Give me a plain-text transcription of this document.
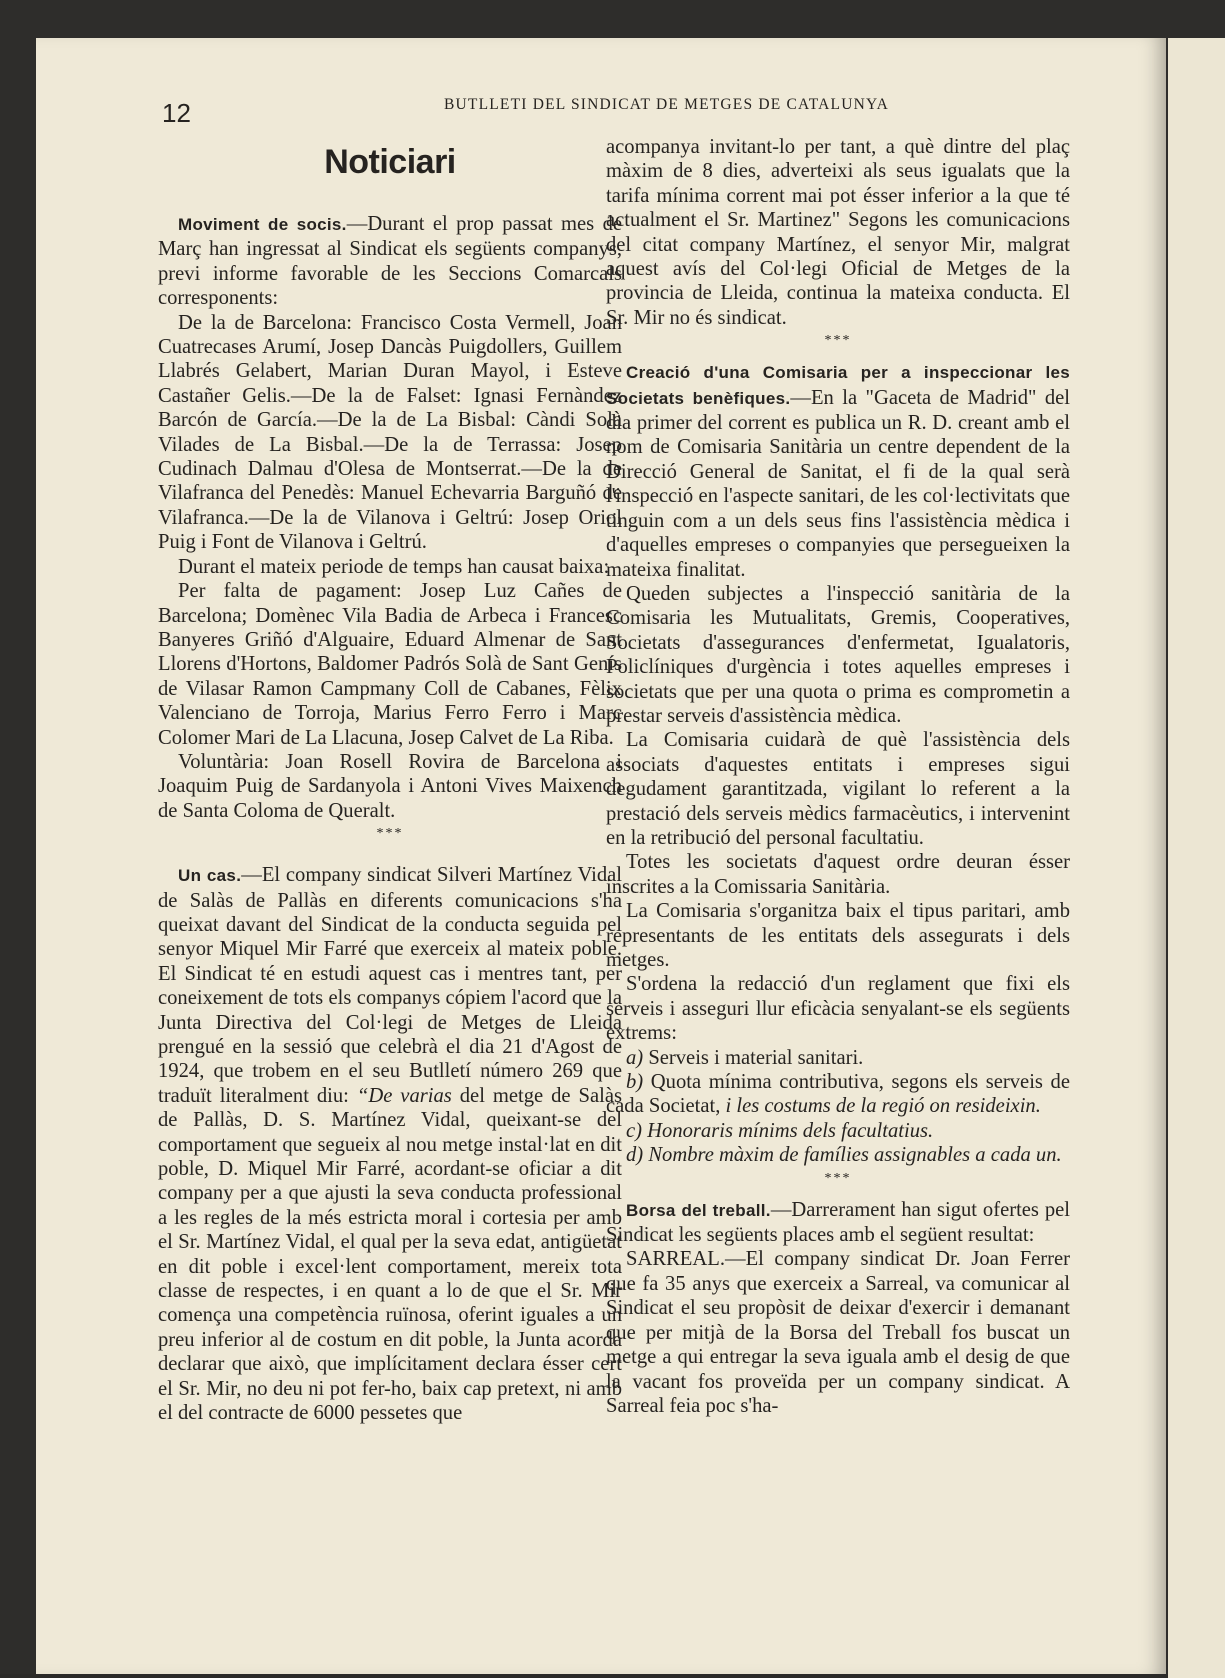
12	BUTLLETI DEL SINDICAT DE METGES DE CATALUNYA
Noticiari

Moviment de socis.—Durant el prop passat mes de Març han ingressat al Sindicat els següents companys, previ informe favorable de les Seccions Comarcals corresponents:

De la de Barcelona: Francisco Costa Vermell, Joan Cuatrecases Arumí, Josep Dancàs Puigdollers, Guillem Llabrés Gelabert, Marian Duran Mayol, i Esteve Castañer Gelis.—De la de Falset: Ignasi Fernàndez Barcón de García.—De la de La Bisbal: Càndi Solà Vilades de La Bisbal.—De la de Terrassa: Josep Cudinach Dalmau d'Olesa de Montserrat.—De la de Vilafranca del Penedès: Manuel Echevarria Barguñó de Vilafranca.—De la de Vilanova i Geltrú: Josep Oriol Puig i Font de Vilanova i Geltrú.

Durant el mateix periode de temps han causat baixa:

Per falta de pagament: Josep Luz Cañes de Barcelona; Domènec Vila Badia de Arbeca i Francesc Banyeres Griñó d'Alguaire, Eduard Almenar de Sant Llorens d'Hortons, Baldomer Padrós Solà de Sant Genís de Vilasar Ramon Campmany Coll de Cabanes, Fèlix Valenciano de Torroja, Marius Ferro Ferro i Marc Colomer Mari de La Llacuna, Josep Calvet de La Riba.

Voluntària: Joan Rosell Rovira de Barcelona i Joaquim Puig de Sardanyola i Antoni Vives Maixench de Santa Coloma de Queralt.

***

Un cas.—El company sindicat Silveri Martínez Vidal de Salàs de Pallàs en diferents comunicacions s'ha queixat davant del Sindicat de la conducta seguida pel senyor Miquel Mir Farré que exerceix al mateix poble. El Sindicat té en estudi aquest cas i mentres tant, per coneixement de tots els companys cópiem l'acord que la Junta Directiva del Col·legi de Metges de Lleida prengué en la sessió que celebrà el dia 21 d'Agost de 1924, que trobem en el seu Butlletí número 269 que traduït literalment diu: “De varias del metge de Salàs de Pallàs, D. S. Martínez Vidal, queixant-se del comportament que segueix al nou metge instal·lat en dit poble, D. Miquel Mir Farré, acordant-se oficiar a dit company per a que ajusti la seva conducta professional a les regles de la més estricta moral i cortesia per amb el Sr. Martínez Vidal, el qual per la seva edat, antigüetat en dit poble i excel·lent comportament, mereix tota classe de respectes, i en quant a lo de que el Sr. Mir comença una competència ruïnosa, oferint iguales a un preu inferior al de costum en dit poble, la Junta acorda declarar que això, que implícitament declara ésser cert el Sr. Mir, no deu ni pot fer-ho, baix cap pretext, ni amb el del contracte de 6000 pessetes que

acompanya invitant-lo per tant, a què dintre del plaç màxim de 8 dies, adverteixi als seus igualats que la tarifa mínima corrent mai pot ésser inferior a la que té actualment el Sr. Martinez" Segons les comunicacions del citat company Martínez, el senyor Mir, malgrat aquest avís del Col·legi Oficial de Metges de la provincia de Lleida, continua la mateixa conducta. El Sr. Mir no és sindicat.

***

Creació d'una Comisaria per a inspeccionar les Societats benèfiques.—En la "Gaceta de Madrid" del dia primer del corrent es publica un R. D. creant amb el nom de Comisaria Sanitària un centre dependent de la Direcció General de Sanitat, el fi de la qual serà l'inspecció en l'aspecte sanitari, de les col·lectivitats que tinguin com a un dels seus fins l'assistència mèdica i d'aquelles empreses o companyies que persegueixen la mateixa finalitat.

Queden subjectes a l'inspecció sanitària de la Comisaria les Mutualitats, Gremis, Cooperatives, Societats d'assegurances d'enfermetat, Igualatoris, Policlíniques d'urgència i totes aquelles empreses i societats que per una quota o prima es comprometin a prestar serveis d'assistència mèdica.

La Comisaria cuidarà de què l'assistència dels associats d'aquestes entitats i empreses sigui degudament garantitzada, vigilant lo referent a la prestació dels serveis mèdics farmacèutics, i intervenint en la retribució del personal facultatiu.

Totes les societats d'aquest ordre deuran ésser inscrites a la Comissaria Sanitària.

La Comisaria s'organitza baix el tipus paritari, amb representants de les entitats dels assegurats i dels metges.

S'ordena la redacció d'un reglament que fixi els serveis i asseguri llur eficàcia senyalant-se els següents extrems:

a) Serveis i material sanitari.

b) Quota mínima contributiva, segons els serveis de cada Societat, i les costums de la regió on resideixin.

c) Honoraris mínims dels facultatius.

d) Nombre màxim de famílies assignables a cada un.

***

Borsa del treball.—Darrerament han sigut ofertes pel Sindicat les següents places amb el següent resultat:

SARREAL.—El company sindicat Dr. Joan Ferrer que fa 35 anys que exerceix a Sarreal, va comunicar al Sindicat el seu propòsit de deixar d'exercir i demanant que per mitjà de la Borsa del Treball fos buscat un metge a qui entregar la seva iguala amb el desig de que la vacant fos proveïda per un company sindicat. A Sarreal feia poc s'ha-
